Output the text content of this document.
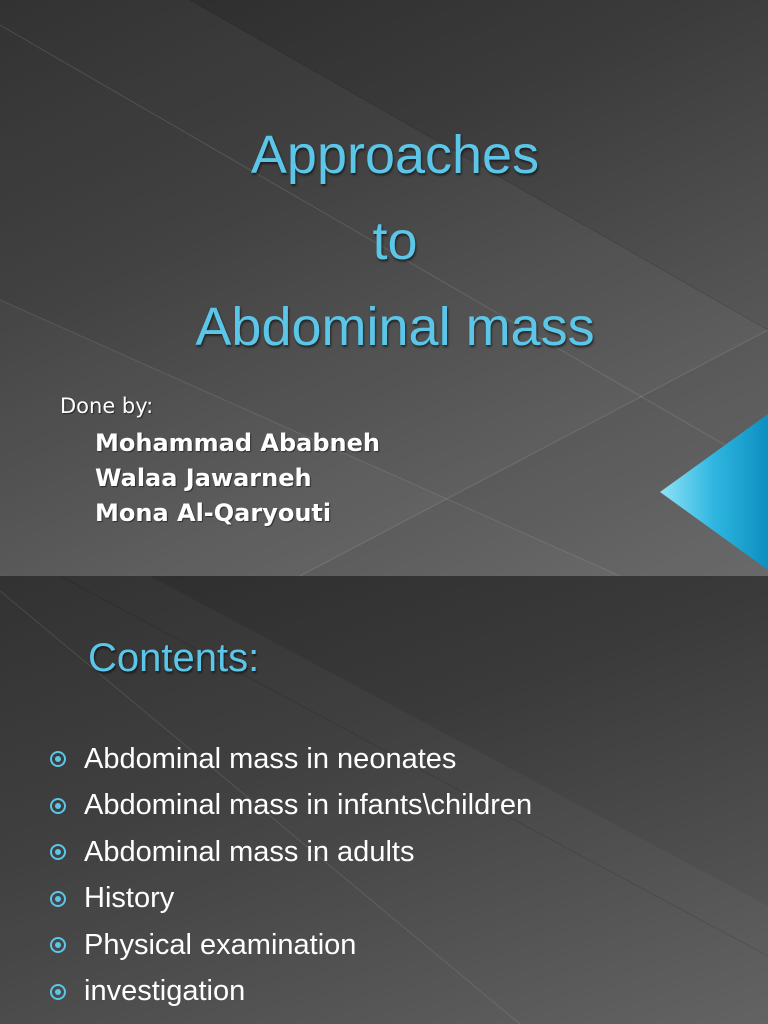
Approaches
to
Abdominal mass
Done by:
Mohammad Ababneh
Walaa Jawarneh
Mona Al-Qaryouti
Contents:
Abdominal mass in neonates
Abdominal mass in infants\children
Abdominal mass in adults
History
Physical examination
investigation
